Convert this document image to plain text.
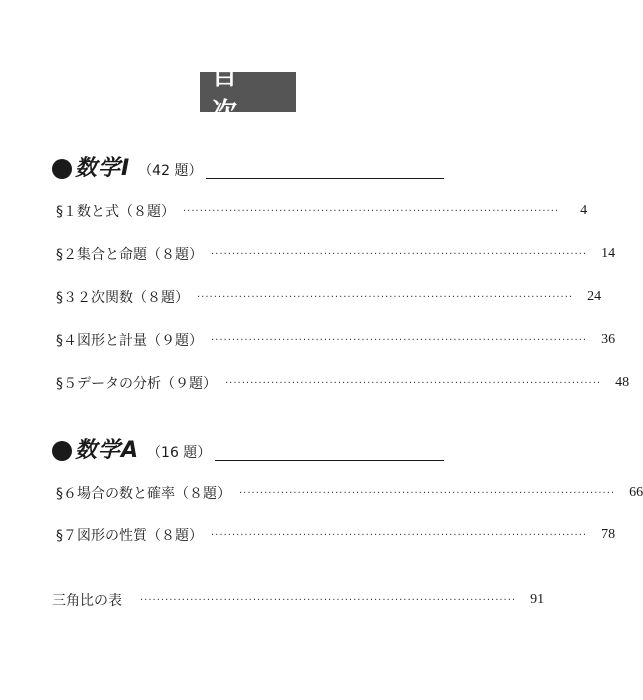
目 次
数学Ⅰ （42 題）
§１ 数と式（８題） ··························································································	4
§２ 集合と命題（８題） ··························································································	14
§３ ２次関数（８題） ··························································································	24
§４ 図形と計量（９題） ··························································································	36
§５ データの分析（９題） ··························································································	48
数学A （16 題）
§６ 場合の数と確率（８題） ··························································································	66
§７ 図形の性質（８題） ··························································································	78
三角比の表 ··························································································	91
